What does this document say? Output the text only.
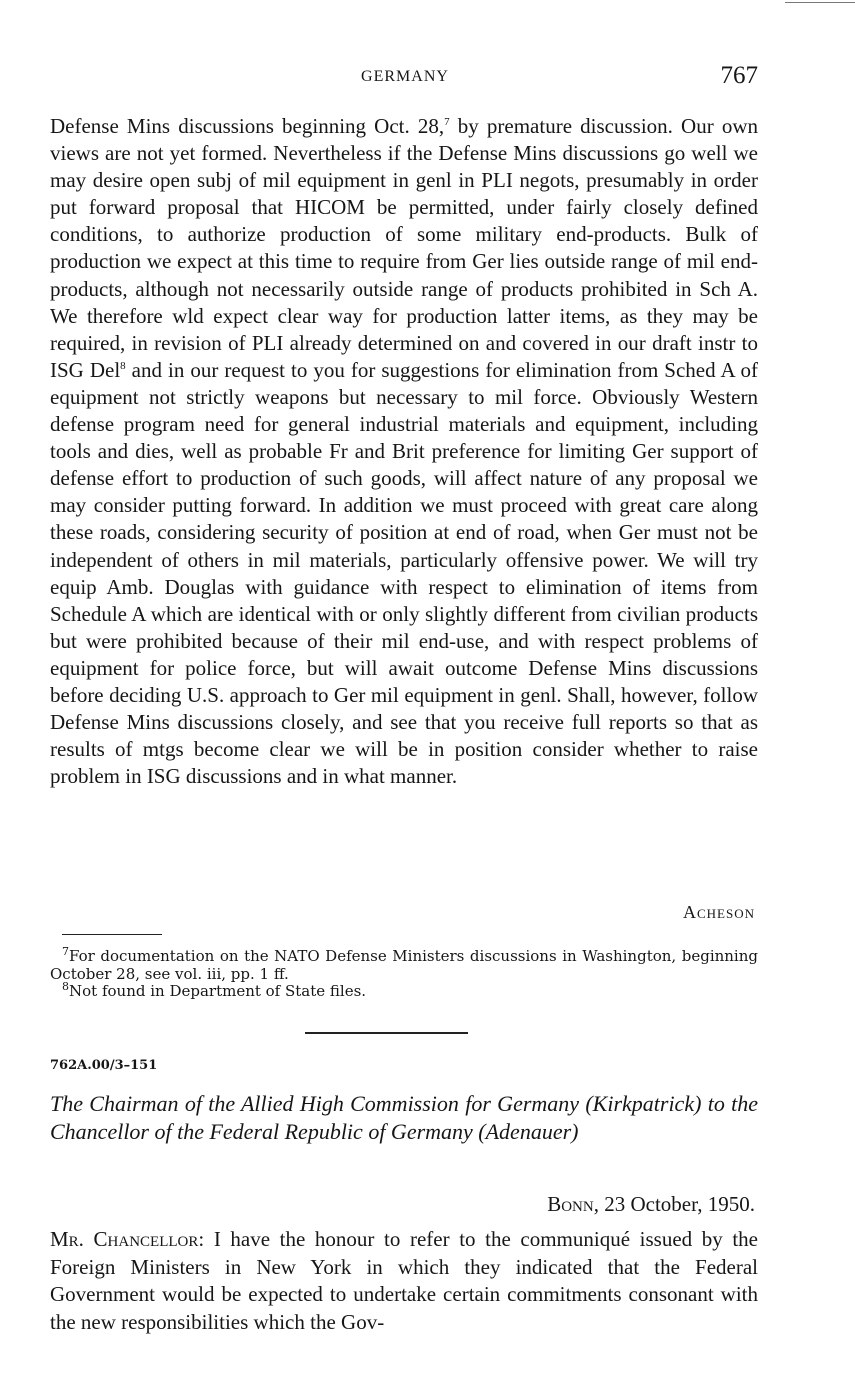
GERMANY	767
Defense Mins discussions beginning Oct. 28,$^7$ by premature discussion. Our own views are not yet formed. Nevertheless if the Defense Mins discussions go well we may desire open subj of mil equipment in genl in PLI negots, presumably in order put forward proposal that HICOM be permitted, under fairly closely defined conditions, to authorize production of some military end-products. Bulk of production we expect at this time to require from Ger lies outside range of mil end-products, although not necessarily outside range of products prohibited in Sch A. We therefore wld expect clear way for production latter items, as they may be required, in revision of PLI already determined on and covered in our draft instr to ISG Del$^8$ and in our request to you for suggestions for elimination from Sched A of equipment not strictly weapons but necessary to mil force. Obviously Western defense program need for general industrial materials and equipment, including tools and dies, well as probable Fr and Brit preference for limiting Ger support of defense effort to production of such goods, will affect nature of any proposal we may consider putting forward. In addition we must proceed with great care along these roads, considering security of position at end of road, when Ger must not be independent of others in mil materials, particularly offensive power. We will try equip Amb. Douglas with guidance with respect to elimination of items from Schedule A which are identical with or only slightly different from civilian products but were prohibited because of their mil end-use, and with respect problems of equipment for police force, but will await outcome Defense Mins discussions before deciding U.S. approach to Ger mil equipment in genl. Shall, however, follow Defense Mins discussions closely, and see that you receive full reports so that as results of mtgs become clear we will be in position consider whether to raise problem in ISG discussions and in what manner.
Acheson

$^7$For documentation on the NATO Defense Ministers discussions in Washington, beginning October 28, see vol. iii, pp. 1 ff.

$^8$Not found in Department of State files.

762A.00/3–151
The Chairman of the Allied High Commission for Germany (Kirkpatrick) to the Chancellor of the Federal Republic of Germany (Adenauer)
Bonn, 23 October, 1950.
Mr. Chancellor: I have the honour to refer to the communiqué issued by the Foreign Ministers in New York in which they indicated that the Federal Government would be expected to undertake certain commitments consonant with the new responsibilities which the Gov-
